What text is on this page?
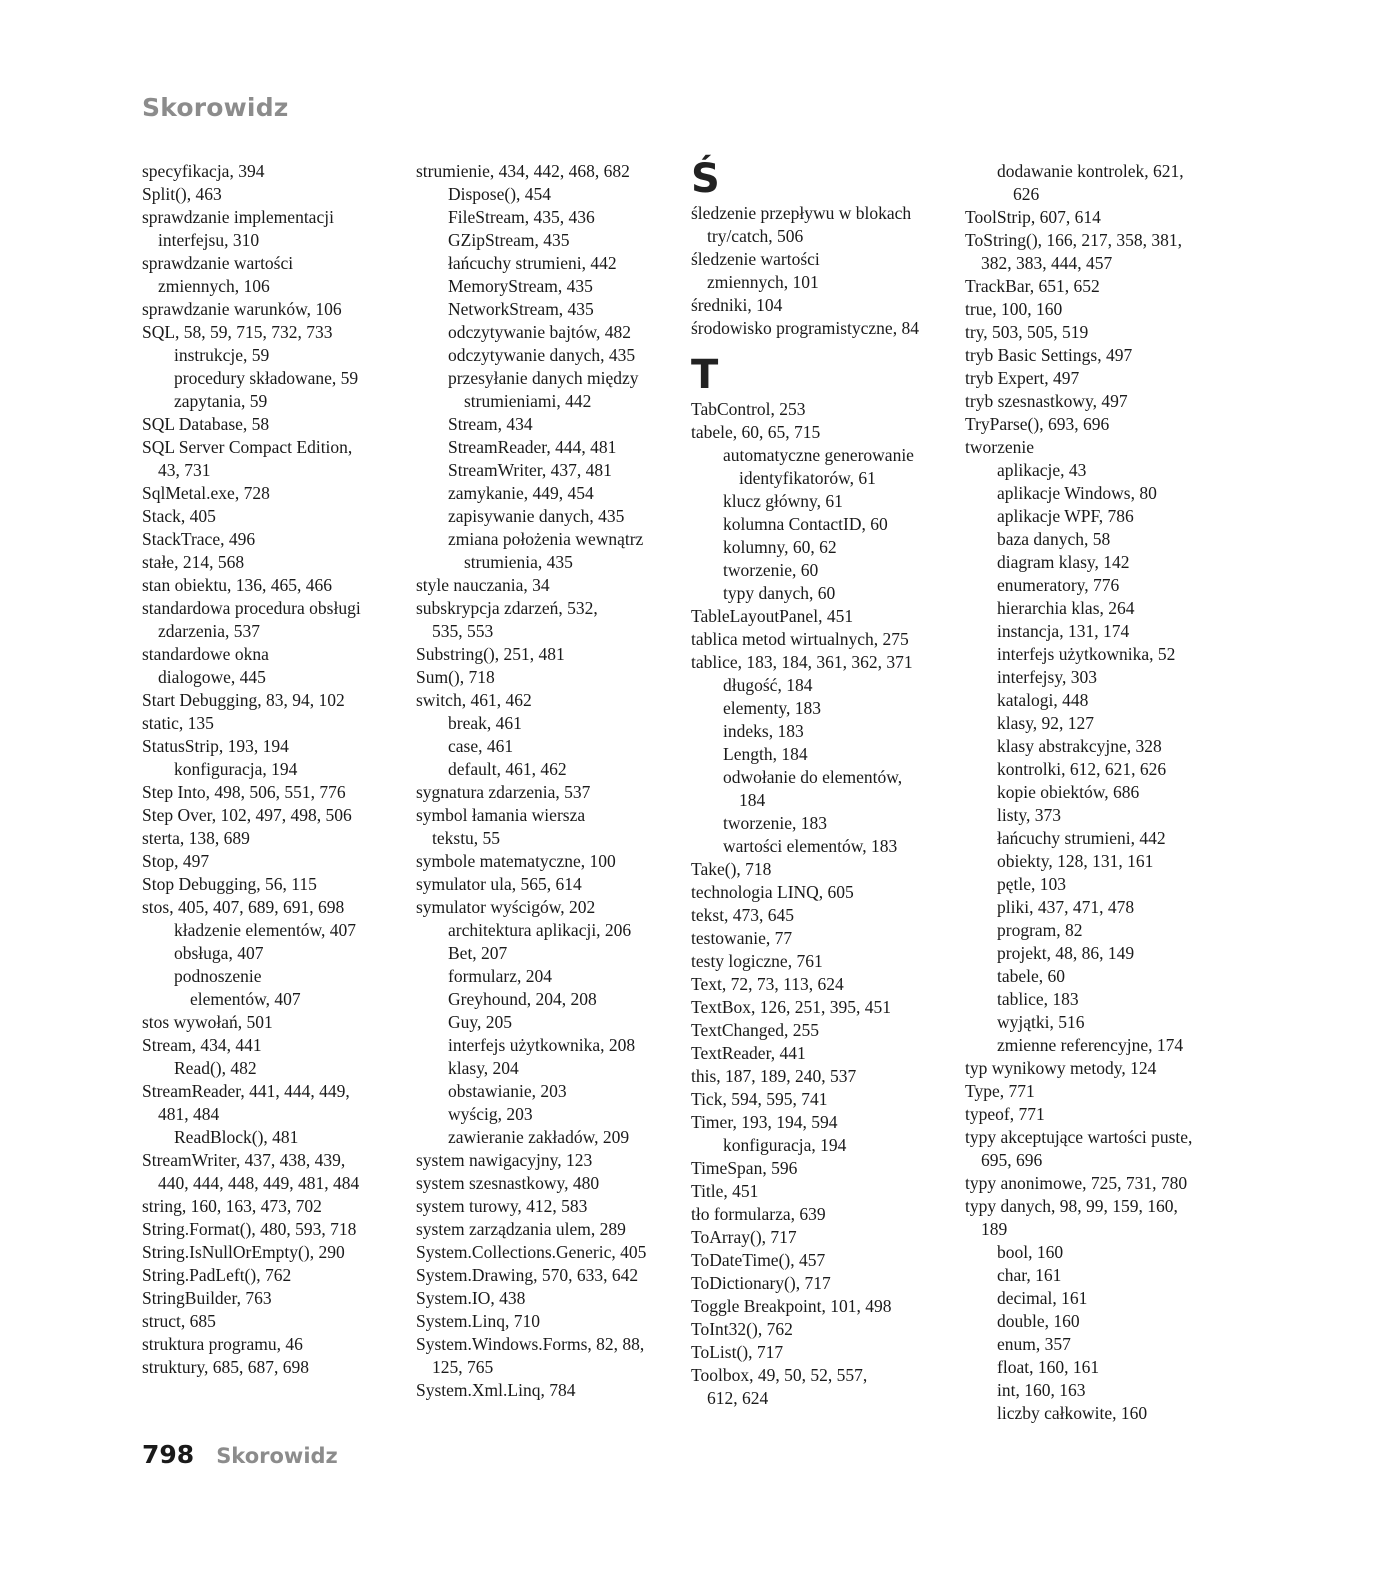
Skorowidz
specyfikacja, 394
Split(), 463
sprawdzanie implementacji
interfejsu, 310
sprawdzanie wartości
zmiennych, 106
sprawdzanie warunków, 106
SQL, 58, 59, 715, 732, 733
instrukcje, 59
procedury składowane, 59
zapytania, 59
SQL Database, 58
SQL Server Compact Edition,
43, 731
SqlMetal.exe, 728
Stack, 405
StackTrace, 496
stałe, 214, 568
stan obiektu, 136, 465, 466
standardowa procedura obsługi
zdarzenia, 537
standardowe okna
dialogowe, 445
Start Debugging, 83, 94, 102
static, 135
StatusStrip, 193, 194
konfiguracja, 194
Step Into, 498, 506, 551, 776
Step Over, 102, 497, 498, 506
sterta, 138, 689
Stop, 497
Stop Debugging, 56, 115
stos, 405, 407, 689, 691, 698
kładzenie elementów, 407
obsługa, 407
podnoszenie
elementów, 407
stos wywołań, 501
Stream, 434, 441
Read(), 482
StreamReader, 441, 444, 449,
481, 484
ReadBlock(), 481
StreamWriter, 437, 438, 439,
440, 444, 448, 449, 481, 484
string, 160, 163, 473, 702
String.Format(), 480, 593, 718
String.IsNullOrEmpty(), 290
String.PadLeft(), 762
StringBuilder, 763
struct, 685
struktura programu, 46
struktury, 685, 687, 698
strumienie, 434, 442, 468, 682
Dispose(), 454
FileStream, 435, 436
GZipStream, 435
łańcuchy strumieni, 442
MemoryStream, 435
NetworkStream, 435
odczytywanie bajtów, 482
odczytywanie danych, 435
przesyłanie danych między
strumieniami, 442
Stream, 434
StreamReader, 444, 481
StreamWriter, 437, 481
zamykanie, 449, 454
zapisywanie danych, 435
zmiana położenia wewnątrz
strumienia, 435
style nauczania, 34
subskrypcja zdarzeń, 532,
535, 553
Substring(), 251, 481
Sum(), 718
switch, 461, 462
break, 461
case, 461
default, 461, 462
sygnatura zdarzenia, 537
symbol łamania wiersza
tekstu, 55
symbole matematyczne, 100
symulator ula, 565, 614
symulator wyścigów, 202
architektura aplikacji, 206
Bet, 207
formularz, 204
Greyhound, 204, 208
Guy, 205
interfejs użytkownika, 208
klasy, 204
obstawianie, 203
wyścig, 203
zawieranie zakładów, 209
system nawigacyjny, 123
system szesnastkowy, 480
system turowy, 412, 583
system zarządzania ulem, 289
System.Collections.Generic, 405
System.Drawing, 570, 633, 642
System.IO, 438
System.Linq, 710
System.Windows.Forms, 82, 88,
125, 765
System.Xml.Linq, 784
Ś
śledzenie przepływu w blokach
try/catch, 506
śledzenie wartości
zmiennych, 101
średniki, 104
środowisko programistyczne, 84
T
TabControl, 253
tabele, 60, 65, 715
automatyczne generowanie
identyfikatorów, 61
klucz główny, 61
kolumna ContactID, 60
kolumny, 60, 62
tworzenie, 60
typy danych, 60
TableLayoutPanel, 451
tablica metod wirtualnych, 275
tablice, 183, 184, 361, 362, 371
długość, 184
elementy, 183
indeks, 183
Length, 184
odwołanie do elementów,
184
tworzenie, 183
wartości elementów, 183
Take(), 718
technologia LINQ, 605
tekst, 473, 645
testowanie, 77
testy logiczne, 761
Text, 72, 73, 113, 624
TextBox, 126, 251, 395, 451
TextChanged, 255
TextReader, 441
this, 187, 189, 240, 537
Tick, 594, 595, 741
Timer, 193, 194, 594
konfiguracja, 194
TimeSpan, 596
Title, 451
tło formularza, 639
ToArray(), 717
ToDateTime(), 457
ToDictionary(), 717
Toggle Breakpoint, 101, 498
ToInt32(), 762
ToList(), 717
Toolbox, 49, 50, 52, 557,
612, 624
dodawanie kontrolek, 621,
626
ToolStrip, 607, 614
ToString(), 166, 217, 358, 381,
382, 383, 444, 457
TrackBar, 651, 652
true, 100, 160
try, 503, 505, 519
tryb Basic Settings, 497
tryb Expert, 497
tryb szesnastkowy, 497
TryParse(), 693, 696
tworzenie
aplikacje, 43
aplikacje Windows, 80
aplikacje WPF, 786
baza danych, 58
diagram klasy, 142
enumeratory, 776
hierarchia klas, 264
instancja, 131, 174
interfejs użytkownika, 52
interfejsy, 303
katalogi, 448
klasy, 92, 127
klasy abstrakcyjne, 328
kontrolki, 612, 621, 626
kopie obiektów, 686
listy, 373
łańcuchy strumieni, 442
obiekty, 128, 131, 161
pętle, 103
pliki, 437, 471, 478
program, 82
projekt, 48, 86, 149
tabele, 60
tablice, 183
wyjątki, 516
zmienne referencyjne, 174
typ wynikowy metody, 124
Type, 771
typeof, 771
typy akceptujące wartości puste,
695, 696
typy anonimowe, 725, 731, 780
typy danych, 98, 99, 159, 160,
189
bool, 160
char, 161
decimal, 161
double, 160
enum, 357
float, 160, 161
int, 160, 163
liczby całkowite, 160
798 Skorowidz
